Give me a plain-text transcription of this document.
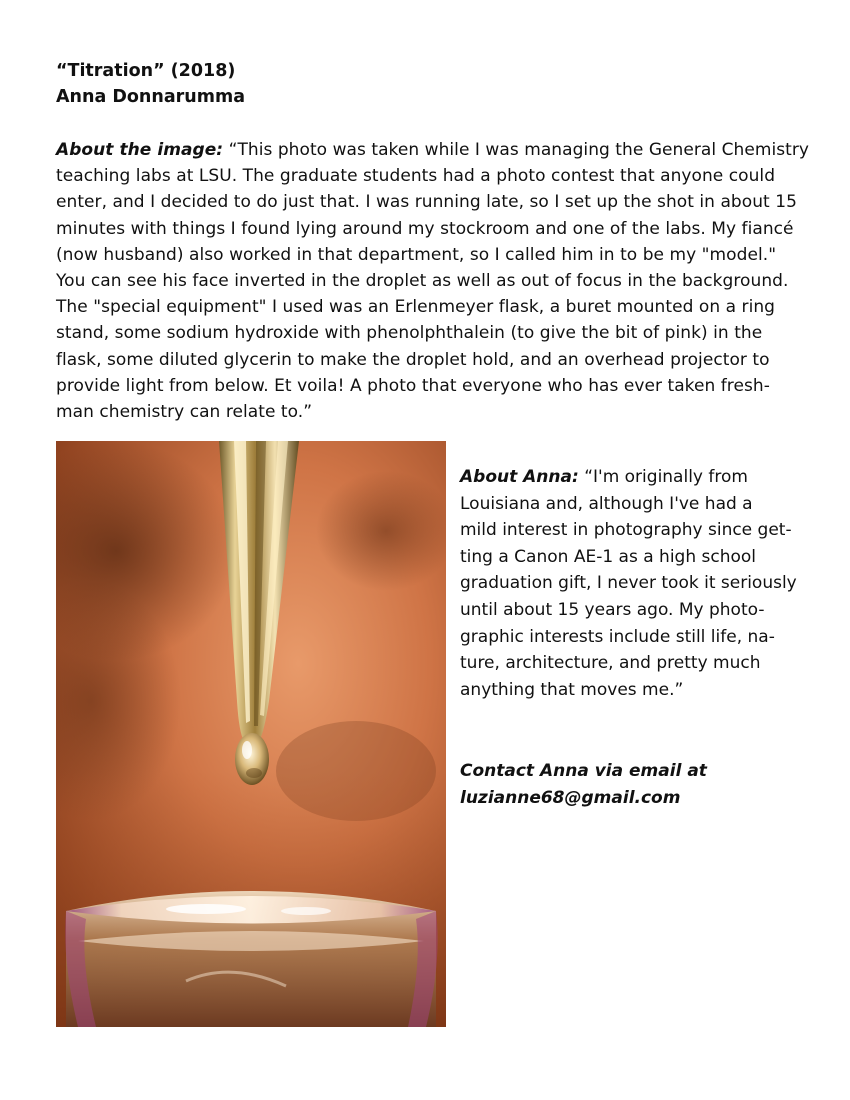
“Titration” (2018)
Anna Donnarumma
About the image: “This photo was taken while I was managing the General Chemistry
teaching labs at LSU. The graduate students had a photo contest that anyone could
enter, and I decided to do just that. I was running late, so I set up the shot in about 15
minutes with things I found lying around my stockroom and one of the labs. My fiancé
(now husband) also worked in that department, so I called him in to be my "model."
You can see his face inverted in the droplet as well as out of focus in the background.
The "special equipment" I used was an Erlenmeyer flask, a buret mounted on a ring
stand, some sodium hydroxide with phenolphthalein (to give the bit of pink) in the
flask, some diluted glycerin to make the droplet hold, and an overhead projector to
provide light from below. Et voila! A photo that everyone who has ever taken fresh-
man chemistry can relate to.”
About Anna: “I'm originally from
Louisiana and, although I've had a
mild interest in photography since get-
ting a Canon AE-1 as a high school
graduation gift, I never took it seriously
until about 15 years ago. My photo-
graphic interests include still life, na-
ture, architecture, and pretty much
anything that moves me.”
Contact Anna via email at
luzianne68@gmail.com
